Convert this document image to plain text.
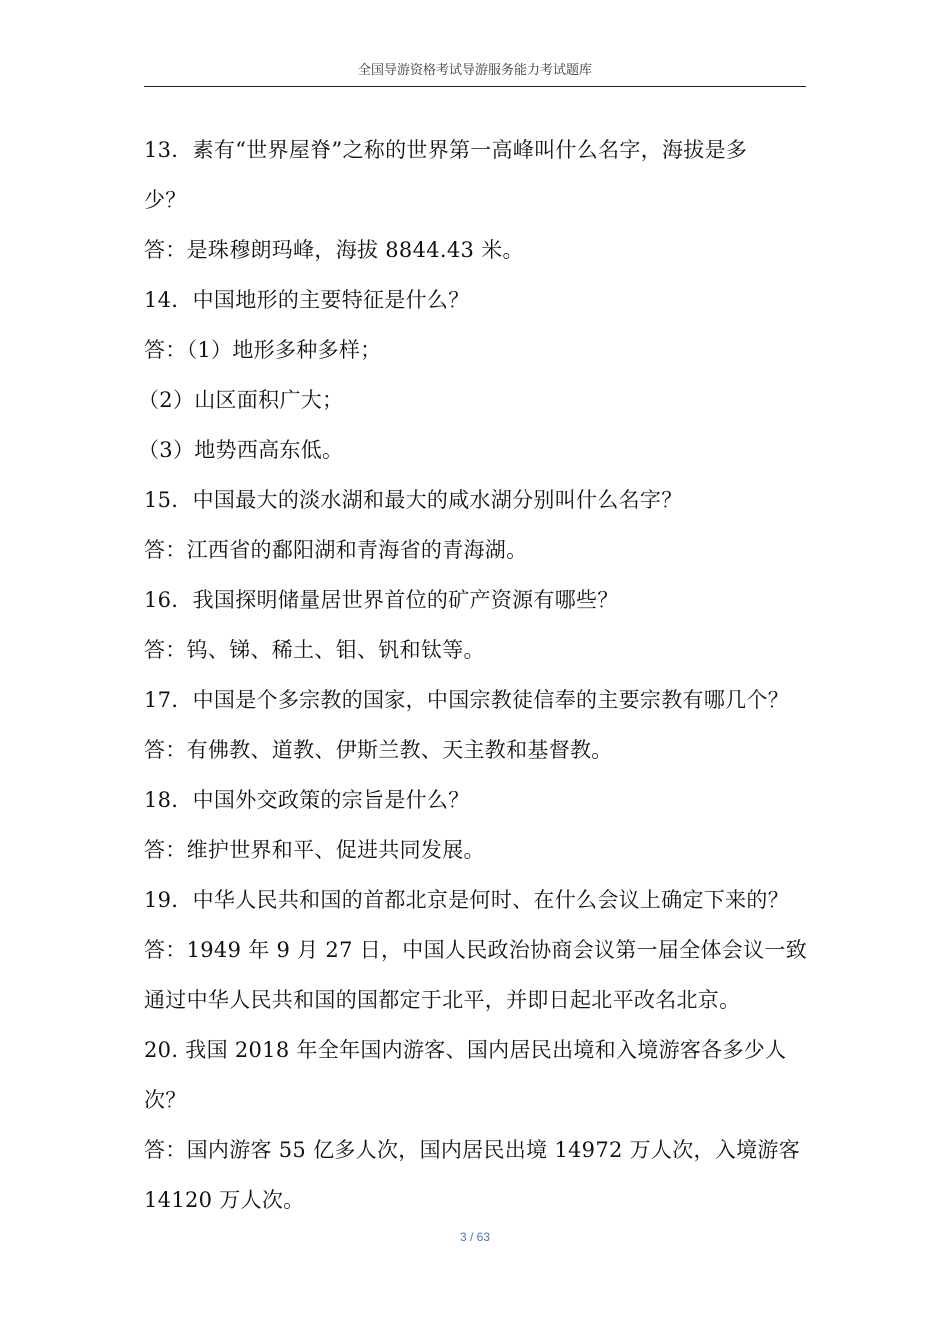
全国导游资格考试导游服务能力考试题库
13．素有“世界屋脊”之称的世界第一高峰叫什么名字，海拔是多
少？
答：是珠穆朗玛峰，海拔 8844.43 米。
14．中国地形的主要特征是什么？
答：（1）地形多种多样；
（2）山区面积广大；
（3）地势西高东低。
15．中国最大的淡水湖和最大的咸水湖分别叫什么名字？
答：江西省的鄱阳湖和青海省的青海湖。
16．我国探明储量居世界首位的矿产资源有哪些？
答：钨、锑、稀土、钼、钒和钛等。
17．中国是个多宗教的国家，中国宗教徒信奉的主要宗教有哪几个？
答：有佛教、道教、伊斯兰教、天主教和基督教。
18．中国外交政策的宗旨是什么？
答：维护世界和平、促进共同发展。
19．中华人民共和国的首都北京是何时、在什么会议上确定下来的？
答：1949 年 9 月 27 日，中国人民政治协商会议第一届全体会议一致
通过中华人民共和国的国都定于北平，并即日起北平改名北京。
20. 我国 2018 年全年国内游客、国内居民出境和入境游客各多少人
次？
答：国内游客 55 亿多人次，国内居民出境 14972 万人次，入境游客
14120 万人次。
3 / 63
